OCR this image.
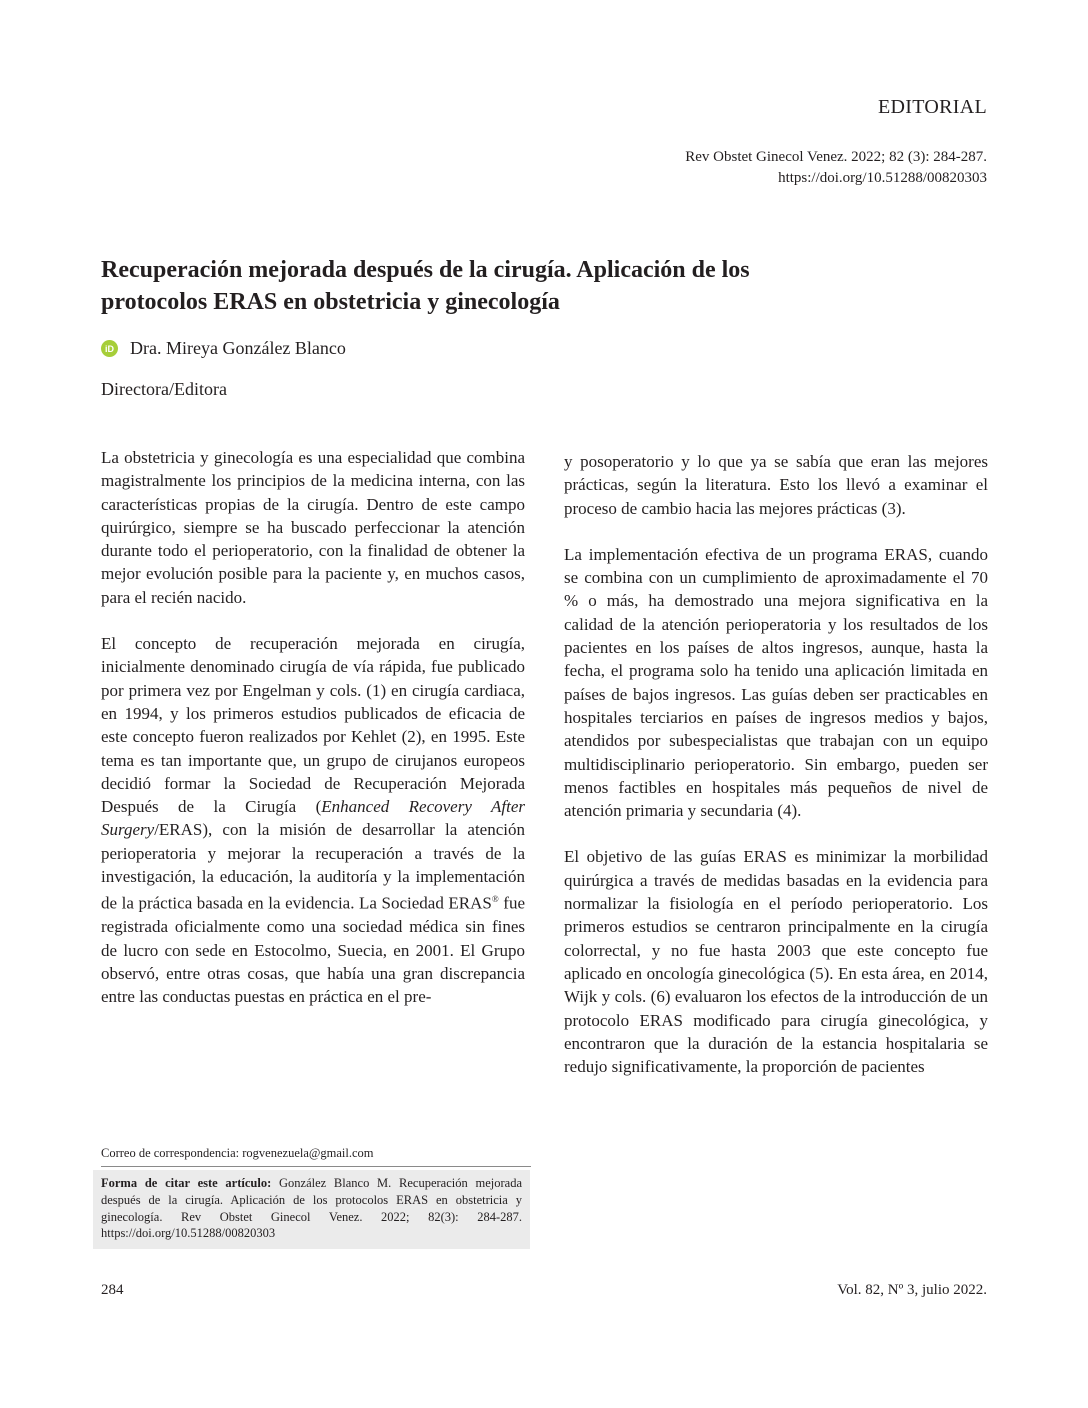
EDITORIAL
Rev Obstet Ginecol Venez. 2022; 82 (3): 284-287.
https://doi.org/10.51288/00820303
Recuperación mejorada después de la cirugía. Aplicación de los
protocolos ERAS en obstetricia y ginecología
iD Dra. Mireya González Blanco
Directora/Editora

La obstetricia y ginecología es una especialidad que combina magistralmente los principios de la medicina interna, con las características propias de la cirugía. Dentro de este campo quirúrgico, siempre se ha buscado perfeccionar la atención durante todo el perioperatorio, con la finalidad de obtener la mejor evolución posible para la paciente y, en muchos casos, para el recién nacido.

El concepto de recuperación mejorada en cirugía, inicialmente denominado cirugía de vía rápida, fue publicado por primera vez por Engelman y cols. (1) en cirugía cardiaca, en 1994, y los primeros estudios publicados de eficacia de este concepto fueron realizados por Kehlet (2), en 1995. Este tema es tan importante que, un grupo de cirujanos europeos decidió formar la Sociedad de Recuperación Mejorada Después de la Cirugía (Enhanced Recovery After Surgery/ERAS), con la misión de desarrollar la atención perioperatoria y mejorar la recuperación a través de la investigación, la educación, la auditoría y la implementación de la práctica basada en la evidencia. La Sociedad ERAS® fue registrada oficialmente como una sociedad médica sin fines de lucro con sede en Estocolmo, Suecia, en 2001. El Grupo observó, entre otras cosas, que había una gran discrepancia entre las conductas puestas en práctica en el pre-

y posoperatorio y lo que ya se sabía que eran las mejores prácticas, según la literatura. Esto los llevó a examinar el proceso de cambio hacia las mejores prácticas (3).

La implementación efectiva de un programa ERAS, cuando se combina con un cumplimiento de aproximadamente el 70 % o más, ha demostrado una mejora significativa en la calidad de la atención perioperatoria y los resultados de los pacientes en los países de altos ingresos, aunque, hasta la fecha, el programa solo ha tenido una aplicación limitada en países de bajos ingresos. Las guías deben ser practicables en hospitales terciarios en países de ingresos medios y bajos, atendidos por subespecialistas que trabajan con un equipo multidisciplinario perioperatorio. Sin embargo, pueden ser menos factibles en hospitales más pequeños de nivel de atención primaria y secundaria (4).

El objetivo de las guías ERAS es minimizar la morbilidad quirúrgica a través de medidas basadas en la evidencia para normalizar la fisiología en el período perioperatorio. Los primeros estudios se centraron principalmente en la cirugía colorrectal, y no fue hasta 2003 que este concepto fue aplicado en oncología ginecológica (5). En esta área, en 2014, Wijk y cols. (6) evaluaron los efectos de la introducción de un protocolo ERAS modificado para cirugía ginecológica, y encontraron que la duración de la estancia hospitalaria se redujo significativamente, la proporción de pacientes

Correo de correspondencia: rogvenezuela@gmail.com
Forma de citar este artículo: González Blanco M. Recuperación mejorada después de la cirugía. Aplicación de los protocolos ERAS en obstetricia y ginecología. Rev Obstet Ginecol Venez. 2022; 82(3): 284-287. https://doi.org/10.51288/00820303
284	Vol. 82, Nº 3, julio 2022.
